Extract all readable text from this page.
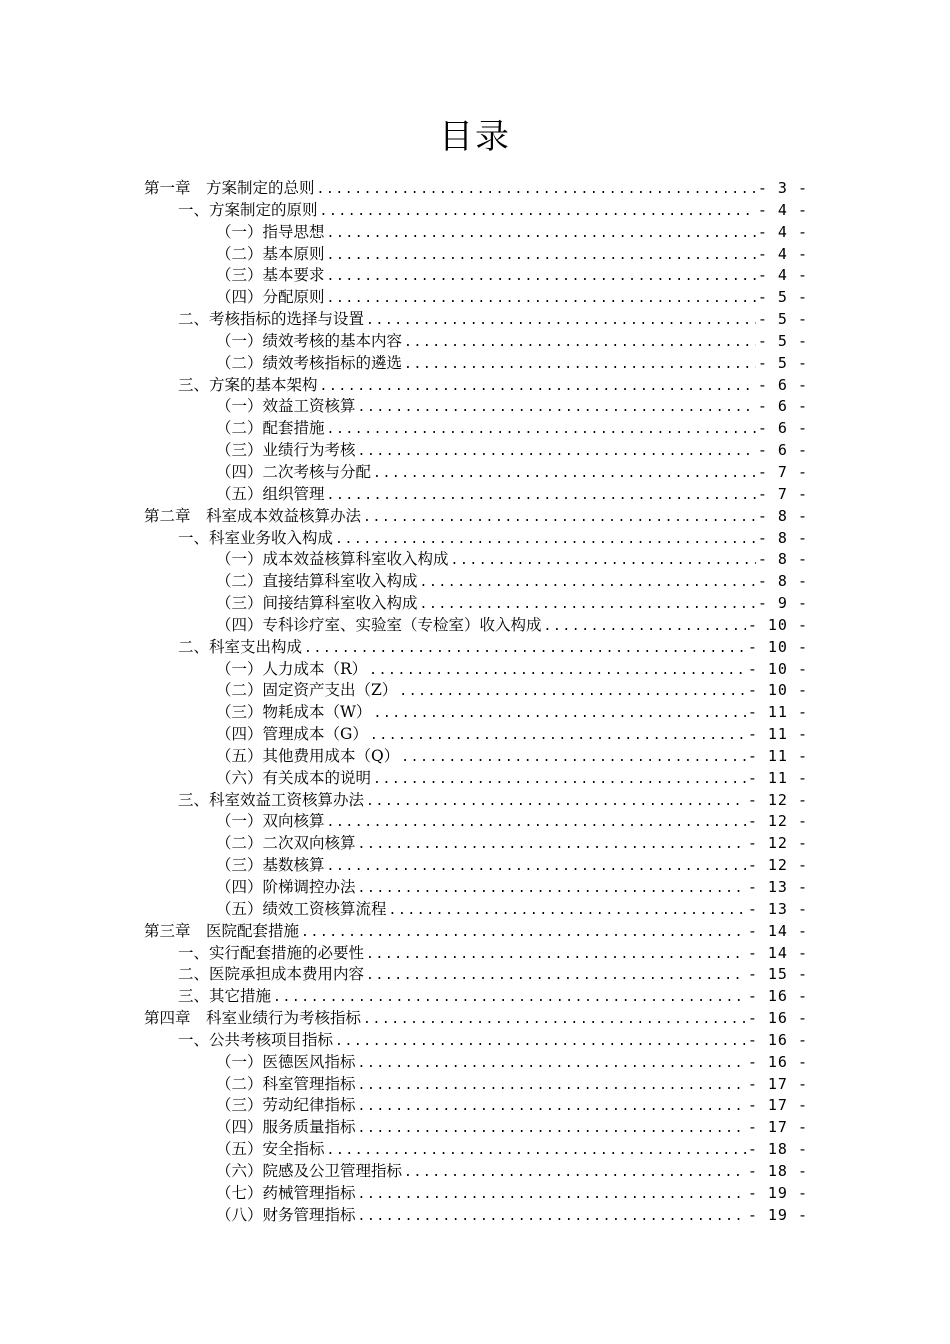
目录
第一章　方案制定的总则 .....	- 3 -
一、方案制定的原则 .....	- 4 -
（一）指导思想 .....	- 4 -
（二）基本原则 .....	- 4 -
（三）基本要求 .....	- 4 -
（四）分配原则 .....	- 5 -
二、考核指标的选择与设置 .....	- 5 -
（一）绩效考核的基本内容 .....	- 5 -
（二）绩效考核指标的遴选 .....	- 5 -
三、方案的基本架构 .....	- 6 -
（一）效益工资核算 .....	- 6 -
（二）配套措施 .....	- 6 -
（三）业绩行为考核 .....	- 6 -
（四）二次考核与分配 .....	- 7 -
（五）组织管理 .....	- 7 -
第二章　科室成本效益核算办法 .....	- 8 -
一、科室业务收入构成 .....	- 8 -
（一）成本效益核算科室收入构成 .....	- 8 -
（二）直接结算科室收入构成 .....	- 8 -
（三）间接结算科室收入构成 .....	- 9 -
（四）专科诊疗室、实验室（专检室）收入构成 .....	- 10 -
二、科室支出构成 .....	- 10 -
（一）人力成本（R） .....	- 10 -
（二）固定资产支出（Z） .....	- 10 -
（三）物耗成本（W） .....	- 11 -
（四）管理成本（G） .....	- 11 -
（五）其他费用成本（Q） .....	- 11 -
（六）有关成本的说明 .....	- 11 -
三、科室效益工资核算办法 .....	- 12 -
（一）双向核算 .....	- 12 -
（二）二次双向核算 .....	- 12 -
（三）基数核算 .....	- 12 -
（四）阶梯调控办法 .....	- 13 -
（五）绩效工资核算流程 .....	- 13 -
第三章　医院配套措施 .....	- 14 -
一、实行配套措施的必要性 .....	- 14 -
二、医院承担成本费用内容 .....	- 15 -
三、其它措施 .....	- 16 -
第四章　科室业绩行为考核指标 .....	- 16 -
一、公共考核项目指标 .....	- 16 -
（一）医德医风指标 .....	- 16 -
（二）科室管理指标 .....	- 17 -
（三）劳动纪律指标 .....	- 17 -
（四）服务质量指标 .....	- 17 -
（五）安全指标 .....	- 18 -
（六）院感及公卫管理指标 .....	- 18 -
（七）药械管理指标 .....	- 19 -
（八）财务管理指标 .....	- 19 -
